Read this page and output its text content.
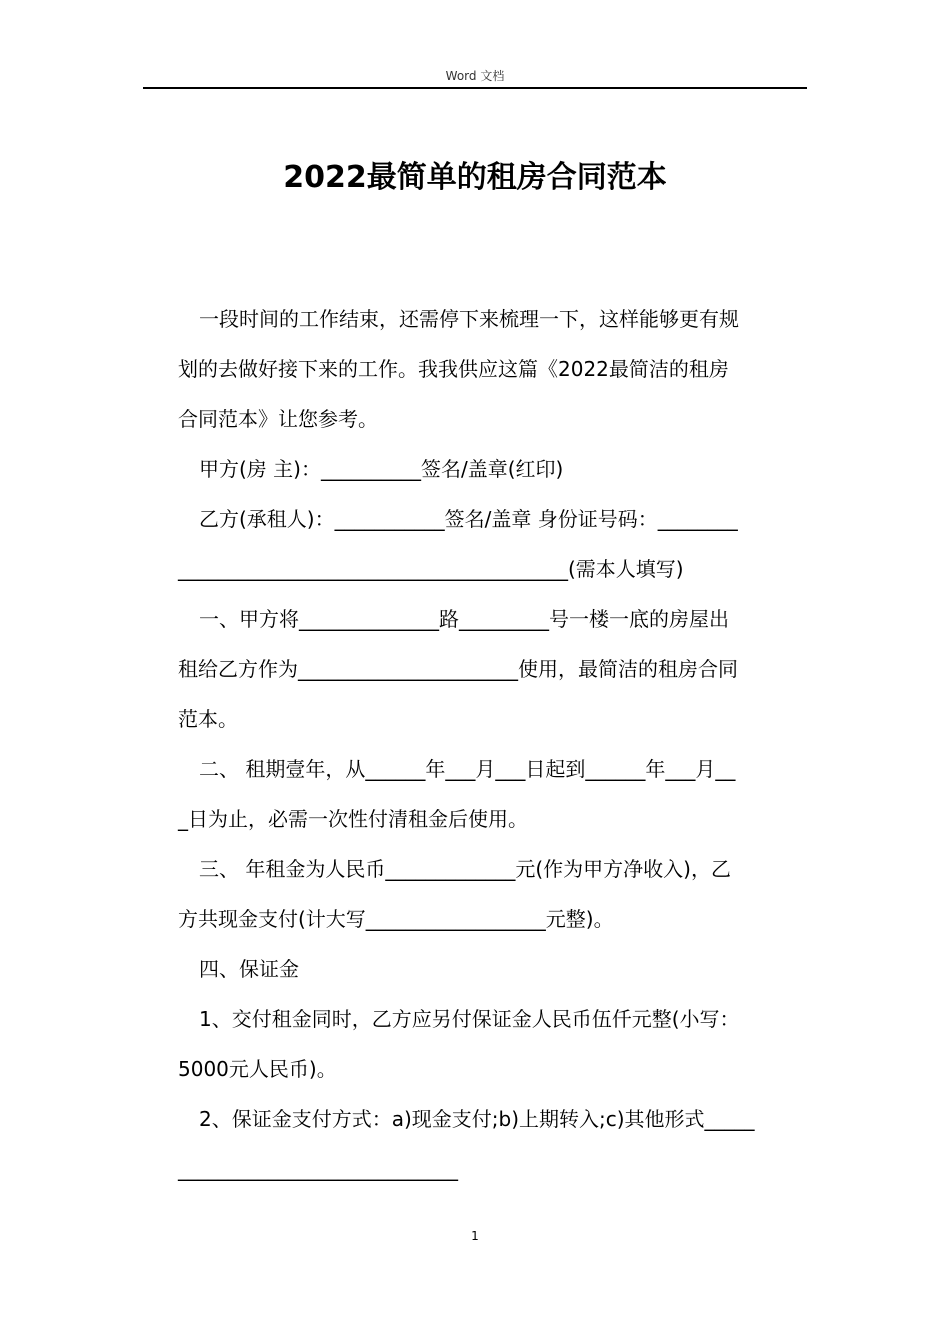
Word 文档
2022最简单的租房合同范本
一段时间的工作结束，还需停下来梳理一下，这样能够更有规
划的去做好接下来的工作。我我供应这篇《2022最简洁的租房
合同范本》让您参考。
甲方(房 主)：__________签名/盖章(红印)
乙方(承租人)：___________签名/盖章 身份证号码：________
_______________________________________(需本人填写)
一、甲方将______________路_________号一楼一底的房屋出
租给乙方作为______________________使用，最简洁的租房合同
范本。
二、 租期壹年，从______年___月___日起到______年___月__
_日为止，必需一次性付清租金后使用。
三、 年租金为人民币_____________元(作为甲方净收入)，乙
方共现金支付(计大写__________________元整)。
四、保证金
1、交付租金同时，乙方应另付保证金人民币伍仟元整(小写：
5000元人民币)。
2、保证金支付方式：a)现金支付;b)上期转入;c)其他形式_____
____________________________
1
